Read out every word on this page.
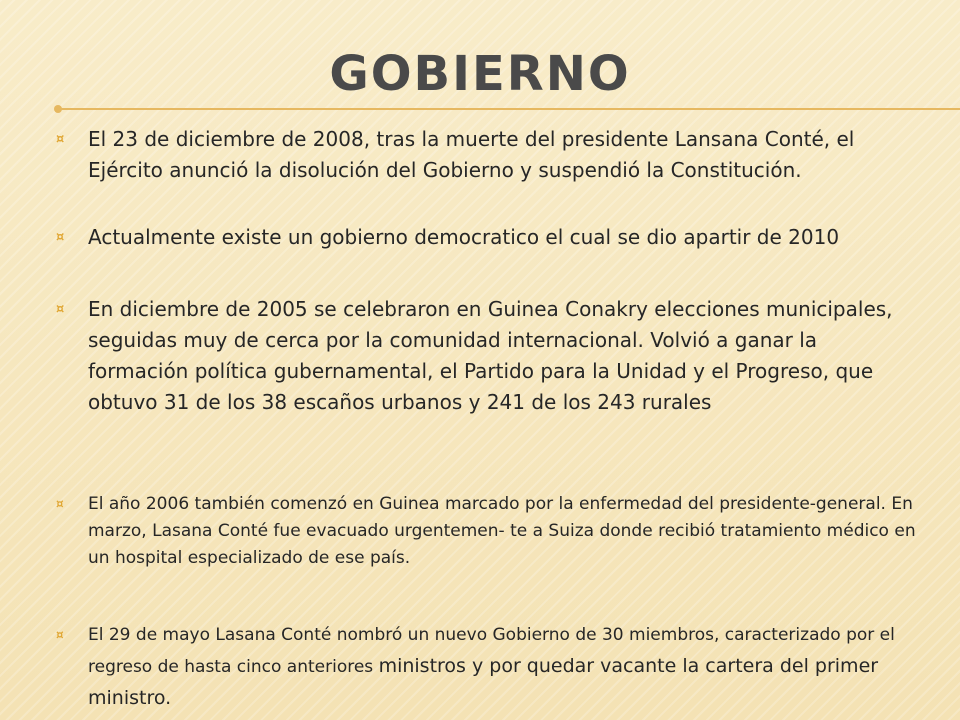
GOBIERNO
¤ El 23 de diciembre de 2008, tras la muerte del presidente Lansana Conté, el Ejército anunció la disolución del Gobierno y suspendió la Constitución.
¤ Actualmente existe un gobierno democratico el cual se dio apartir de 2010
¤ En diciembre de 2005 se celebraron en Guinea Conakry elecciones municipales, seguidas muy de cerca por la comunidad internacional. Volvió a ganar la formación política gubernamental, el Partido para la Unidad y el Progreso, que obtuvo 31 de los 38 escaños urbanos y 241 de los 243 rurales
¤ El año 2006 también comenzó en Guinea marcado por la enfermedad del presidente-general. En marzo, Lasana Conté fue evacuado urgentemen- te a Suiza donde recibió tratamiento médico en un hospital especializado de ese país.
¤ El 29 de mayo Lasana Conté nombró un nuevo Gobierno de 30 miembros, caracterizado por el regreso de hasta cinco anteriores ministros y por quedar vacante la cartera del primer ministro.
